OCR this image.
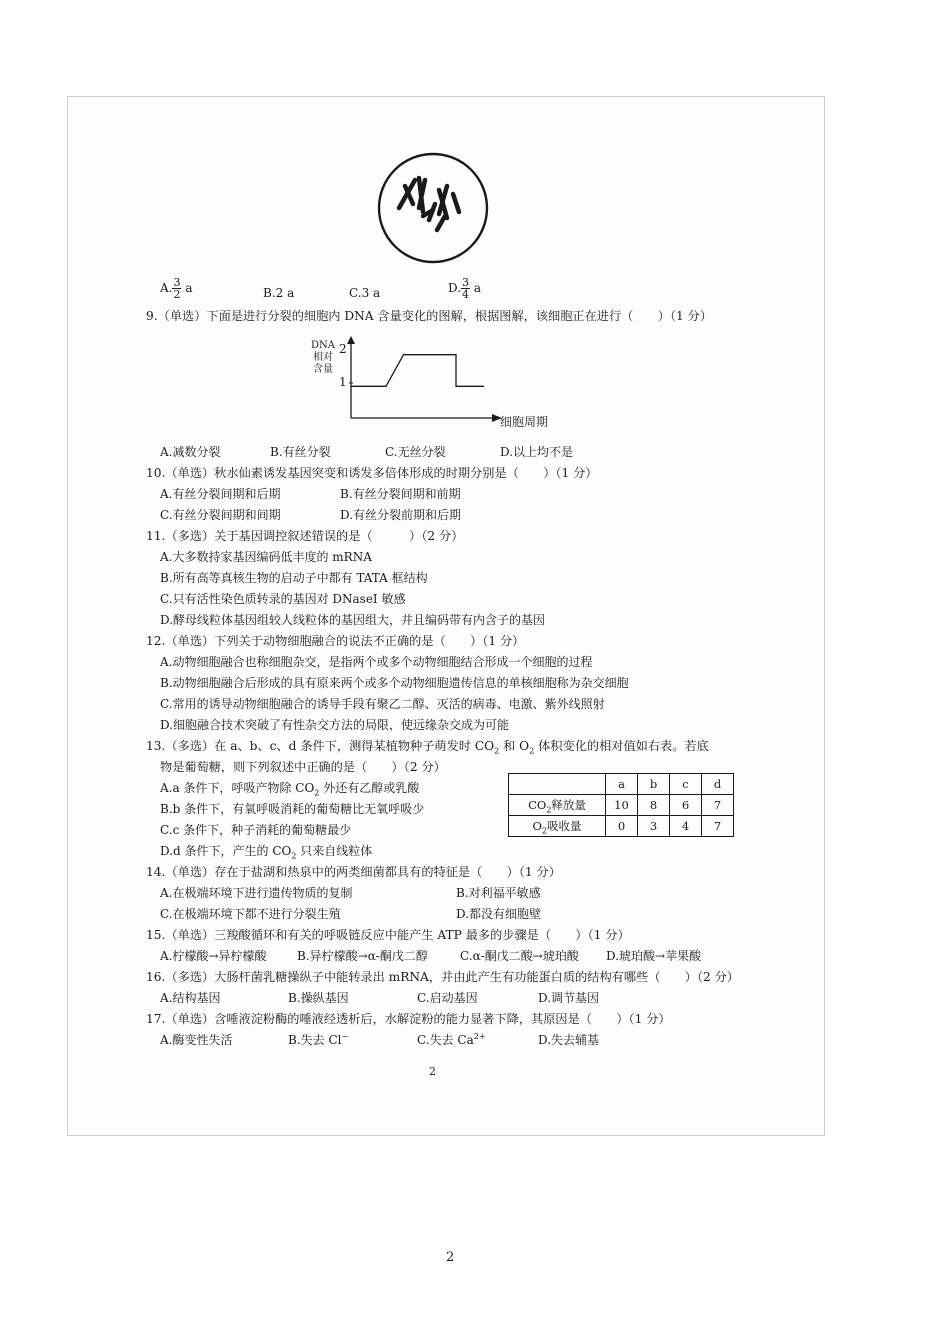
A. $\frac{3}{2}$ a	B.2 a	C.3 a	D. $\frac{3}{4}$ a
9.（单选）下面是进行分裂的细胞内 DNA 含量变化的图解，根据图解，该细胞正在进行（　　）（1 分）
DNA
相对
含量
2
1
细胞周期
A.减数分裂	B.有丝分裂	C.无丝分裂	D.以上均不是
10.（单选）秋水仙素诱发基因突变和诱发多倍体形成的时期分别是（　　）（1 分）
A.有丝分裂间期和后期	B.有丝分裂间期和前期
C.有丝分裂间期和间期	D.有丝分裂前期和后期
11.（多选）关于基因调控叙述错误的是（　　　）（2 分）
A.大多数持家基因编码低丰度的 mRNA
B.所有高等真核生物的启动子中都有 TATA 框结构
C.只有活性染色质转录的基因对 DNaseI 敏感
D.酵母线粒体基因组较人线粒体的基因组大，并且编码带有内含子的基因
12.（单选）下列关于动物细胞融合的说法不正确的是（　　）（1 分）
A.动物细胞融合也称细胞杂交，是指两个或多个动物细胞结合形成一个细胞的过程
B.动物细胞融合后形成的具有原来两个或多个动物细胞遗传信息的单核细胞称为杂交细胞
C.常用的诱导动物细胞融合的诱导手段有聚乙二醇、灭活的病毒、电激、紫外线照射
D.细胞融合技术突破了有性杂交方法的局限，使远缘杂交成为可能
13.（多选）在 a、b、c、d 条件下，测得某植物种子萌发时 $CO_2$ 和 $O_2$ 体积变化的相对值如右表。若底
物是葡萄糖，则下列叙述中正确的是（　　）（2 分）
A.a 条件下，呼吸产物除 $CO_2$ 外还有乙醇或乳酸
B.b 条件下，有氧呼吸消耗的葡萄糖比无氧呼吸少
C.c 条件下，种子消耗的葡萄糖最少
D.d 条件下，产生的 $CO_2$ 只来自线粒体
	a	b	c	d
$CO_2$释放量	10	8	6	7
$O_2$吸收量	0	3	4	7
14.（单选）存在于盐湖和热泉中的两类细菌都具有的特征是（　　）（1 分）
A.在极端环境下进行遗传物质的复制	B.对利福平敏感
C.在极端环境下都不进行分裂生殖	D.都没有细胞壁
15.（单选）三羧酸循环和有关的呼吸链反应中能产生 ATP 最多的步骤是（　　）（1 分）
A.柠檬酸→异柠檬酸	B.异柠檬酸→α-酮戊二醇	C.α-酮戊二酸→琥珀酸 D.琥珀酸→苹果酸
16.（多选）大肠杆菌乳糖操纵子中能转录出 mRNA，并由此产生有功能蛋白质的结构有哪些（　　）（2 分）
A.结构基因	B.操纵基因	C.启动基因	D.调节基因
17.（单选）含唾液淀粉酶的唾液经透析后，水解淀粉的能力显著下降，其原因是（　　）（1 分）
A.酶变性失活	B.失去 Cl−	C.失去 $Ca^{2+}$	D.失去辅基
2
2
